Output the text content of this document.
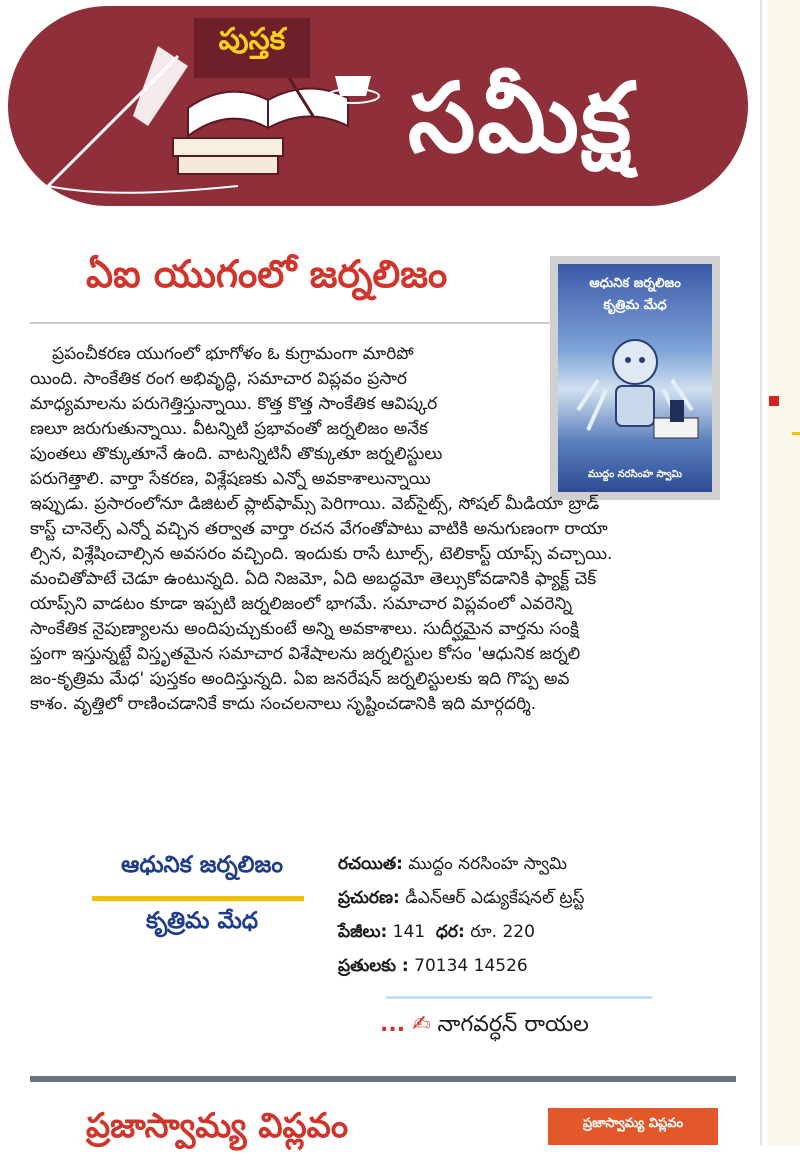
పుస్తక
సమీక్ష
ఏఐ యుగంలో జర్నలిజం	ఆధునిక జర్నలిజం
కృత్రిమ మేధ
ముద్దం నరసింహ స్వామి
ప్రపంచీకరణ యుగంలో భూగోళం ఓ కుగ్రామంగా మారిపో
యింది. సాంకేతిక రంగ అభివృద్ధి, సమాచార విప్లవం ప్రసార
మాధ్యమాలను పరుగెత్తిస్తున్నాయి. కొత్త కొత్త సాంకేతిక ఆవిష్కర
ణలూ జరుగుతున్నాయి. వీటన్నిటి ప్రభావంతో జర్నలిజం అనేక
పుంతలు తొక్కుతూనే ఉంది. వాటన్నిటినీ తొక్కుతూ జర్నలిస్టులు
పరుగెత్తాలి. వార్తా సేకరణ, విశ్లేషణకు ఎన్నో అవకాశాలున్నాయి
ఇప్పుడు. ప్రసారంలోనూ డిజిటల్ ప్లాట్‌ఫామ్స్ పెరిగాయి. వెబ్‌సైట్స్, సోషల్ మీడియా బ్రాడ్
కాస్ట్ చానెల్స్ ఎన్నో వచ్చిన తర్వాత వార్తా రచన వేగంతోపాటు వాటికి అనుగుణంగా రాయా
ల్సిన, విశ్లేషించాల్సిన అవసరం వచ్చింది. ఇందుకు రాసే టూల్స్, టెలికాస్ట్ యాప్స్ వచ్చాయి.
మంచితోపాటే చెడూ ఉంటున్నది. ఏది నిజమో, ఏది అబద్ధమో తెల్సుకోవడానికి ఫ్యాక్ట్ చెక్
యాప్స్‌ని వాడటం కూడా ఇప్పటి జర్నలిజంలో భాగమే. సమాచార విప్లవంలో ఎవరెన్ని
సాంకేతిక నైపుణ్యాలను అందిపుచ్చుకుంటే అన్ని అవకాశాలు. సుదీర్ఘమైన వార్తను సంక్షి
ప్తంగా ఇస్తున్నట్టే విస్తృతమైన సమాచార విశేషాలను జర్నలిస్టుల కోసం 'ఆధునిక జర్నలి
జం-కృత్రిమ మేధ' పుస్తకం అందిస్తున్నది. ఏఐ జనరేషన్ జర్నలిస్టులకు ఇది గొప్ప అవ
కాశం. వృత్తిలో రాణించడానికే కాదు సంచలనాలు సృష్టించడానికి ఇది మార్గదర్శి.
ఆధునిక జర్నలిజం
కృత్రిమ మేధ
రచయిత: ముద్దం నరసింహ స్వామి
ప్రచురణ: డీఎన్ఆర్ ఎడ్యుకేషనల్ ట్రస్ట్
పేజీలు: 141 ధర: రూ. 220
ప్రతులకు : 70134 14526
... ✍ నాగవర్ధన్ రాయల
ప్రజాస్వామ్య విప్లవం	ప్రజాస్వామ్య విప్లవం
